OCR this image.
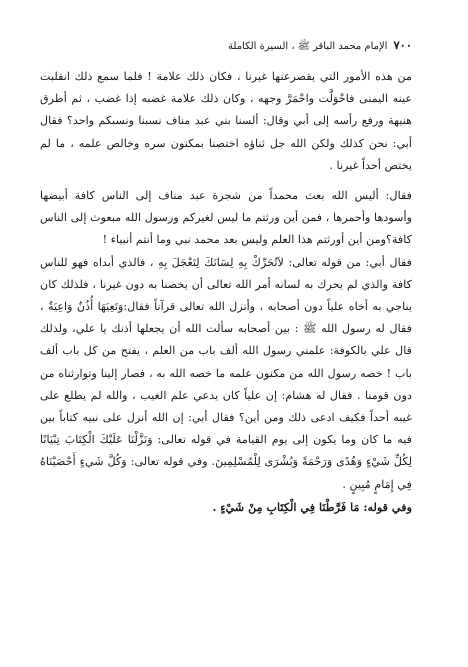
٧٠٠
الإمام محمد الباقر ﷺ ، السيرة الكاملة

من هذه الأمور التي يقصرعنها غيرنا ، فكان ذلك علامة ! فلما سمع ذلك انقلبت عينه اليمنى فاحْوَلَّت واحْمَرَّ وجهه ، وكان ذلك علامة غضبه إذا غضب ، ثم أطرق هنيهة ورفع رأسه إلى أبي وقال: ألسنا بني عبد مناف نسبنا ونسبكم واحد؟ فقال أبي: نحن كذلك ولكن الله جل ثناؤه اختصنا بمكنون سره وخالص علمه ، ما لم يختص أحداً غيرنا .

فقال: أليس الله بعث محمداً من شجرة عبد مناف إلى الناس كافة أبيضها وأسودها وأحمرها ، فمن أين ورثتم ما ليس لغيركم ورسول الله مبعوث إلى الناس كافة؟ومن أين أورثتم هذا العلم وليس بعد محمد نبي وما أنتم أنبياء !

فقال أبي: من قوله تعالى: لاَتُحَرِّكْ بِهِ لِسَانَكَ لِتَعْجَلَ بِهِ ، فالذي أبداه فهو للناس كافة والذي لم يحرك به لسانه أمر الله تعالى أن يخصنا به دون غيرنا ، فلذلك كان يناجي به أخاه علياً دون أصحابه ، وأنزل الله تعالى قرآناً فقال:وَتَعِيَهَا أُذُنٌ وَاعِيَةٌ ، فقال له رسول الله ﷺ : بين أصحابه سألت الله أن يجعلها أذنك يا علي، ولذلك قال علي بالكوفة: علمني رسول الله ألف باب من العلم ، يفتح من كل باب ألف باب ! خصه رسول الله من مكنون علمه ما خصه الله به ، فصار إلينا وتوارثناه من دون قومنا . فقال له هشام: إن علياً كان يدعي علم الغيب ، والله لم يطلع على غيبه أحداً فكيف ادعى ذلك ومن أين؟ فقال أبي: إن الله أنزل على نبيه كتاباً بين فيه ما كان وما يكون إلى يوم القيامة في قوله تعالى: وَنَزَّلْنَا عَلَيْكَ الْكِتَابَ تِبْيَانًا لِكُلِّ شَيْءٍ وَهُدًى وَرَحْمَةً وَبُشْرَى لِلْمُسْلِمِينَ. وفي قوله تعالى: وَكُلَّ شَيءٍ أَحْصَيْنَاهُ فِي إِمَامٍ مُبِينٍ .

وفي قوله: مَا فَرَّطْنَا فِي الْكِتَابِ مِنْ شَيْءٍ .
